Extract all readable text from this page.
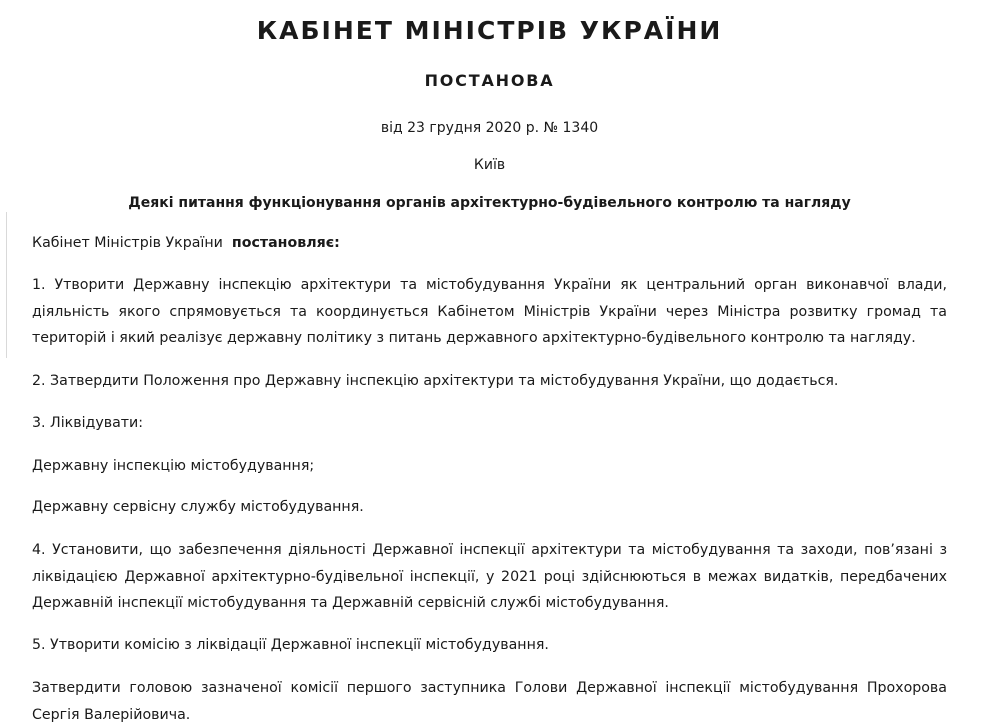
КАБІНЕТ МІНІСТРІВ УКРАЇНИ
ПОСТАНОВА
від 23 грудня 2020 р. № 1340
Київ
Деякі питання функціонування органів архітектурно-будівельного контролю та нагляду

Кабінет Міністрів України постановляє:

1. Утворити Державну інспекцію архітектури та містобудування України як центральний орган виконавчої влади, діяльність якого спрямовується та координується Кабінетом Міністрів України через Міністра розвитку громад та територій і який реалізує державну політику з питань державного архітектурно-будівельного контролю та нагляду.

2. Затвердити Положення про Державну інспекцію архітектури та містобудування України, що додається.

3. Ліквідувати:

Державну інспекцію містобудування;

Державну сервісну службу містобудування.

4. Установити, що забезпечення діяльності Державної інспекції архітектури та містобудування та заходи, пов’язані з ліквідацією Державної архітектурно-будівельної інспекції, у 2021 році здійснюються в межах видатків, передбачених Державній інспекції містобудування та Державній сервісній службі містобудування.

5. Утворити комісію з ліквідації Державної інспекції містобудування.

Затвердити головою зазначеної комісії першого заступника Голови Державної інспекції містобудування Прохорова Сергія Валерійовича.
